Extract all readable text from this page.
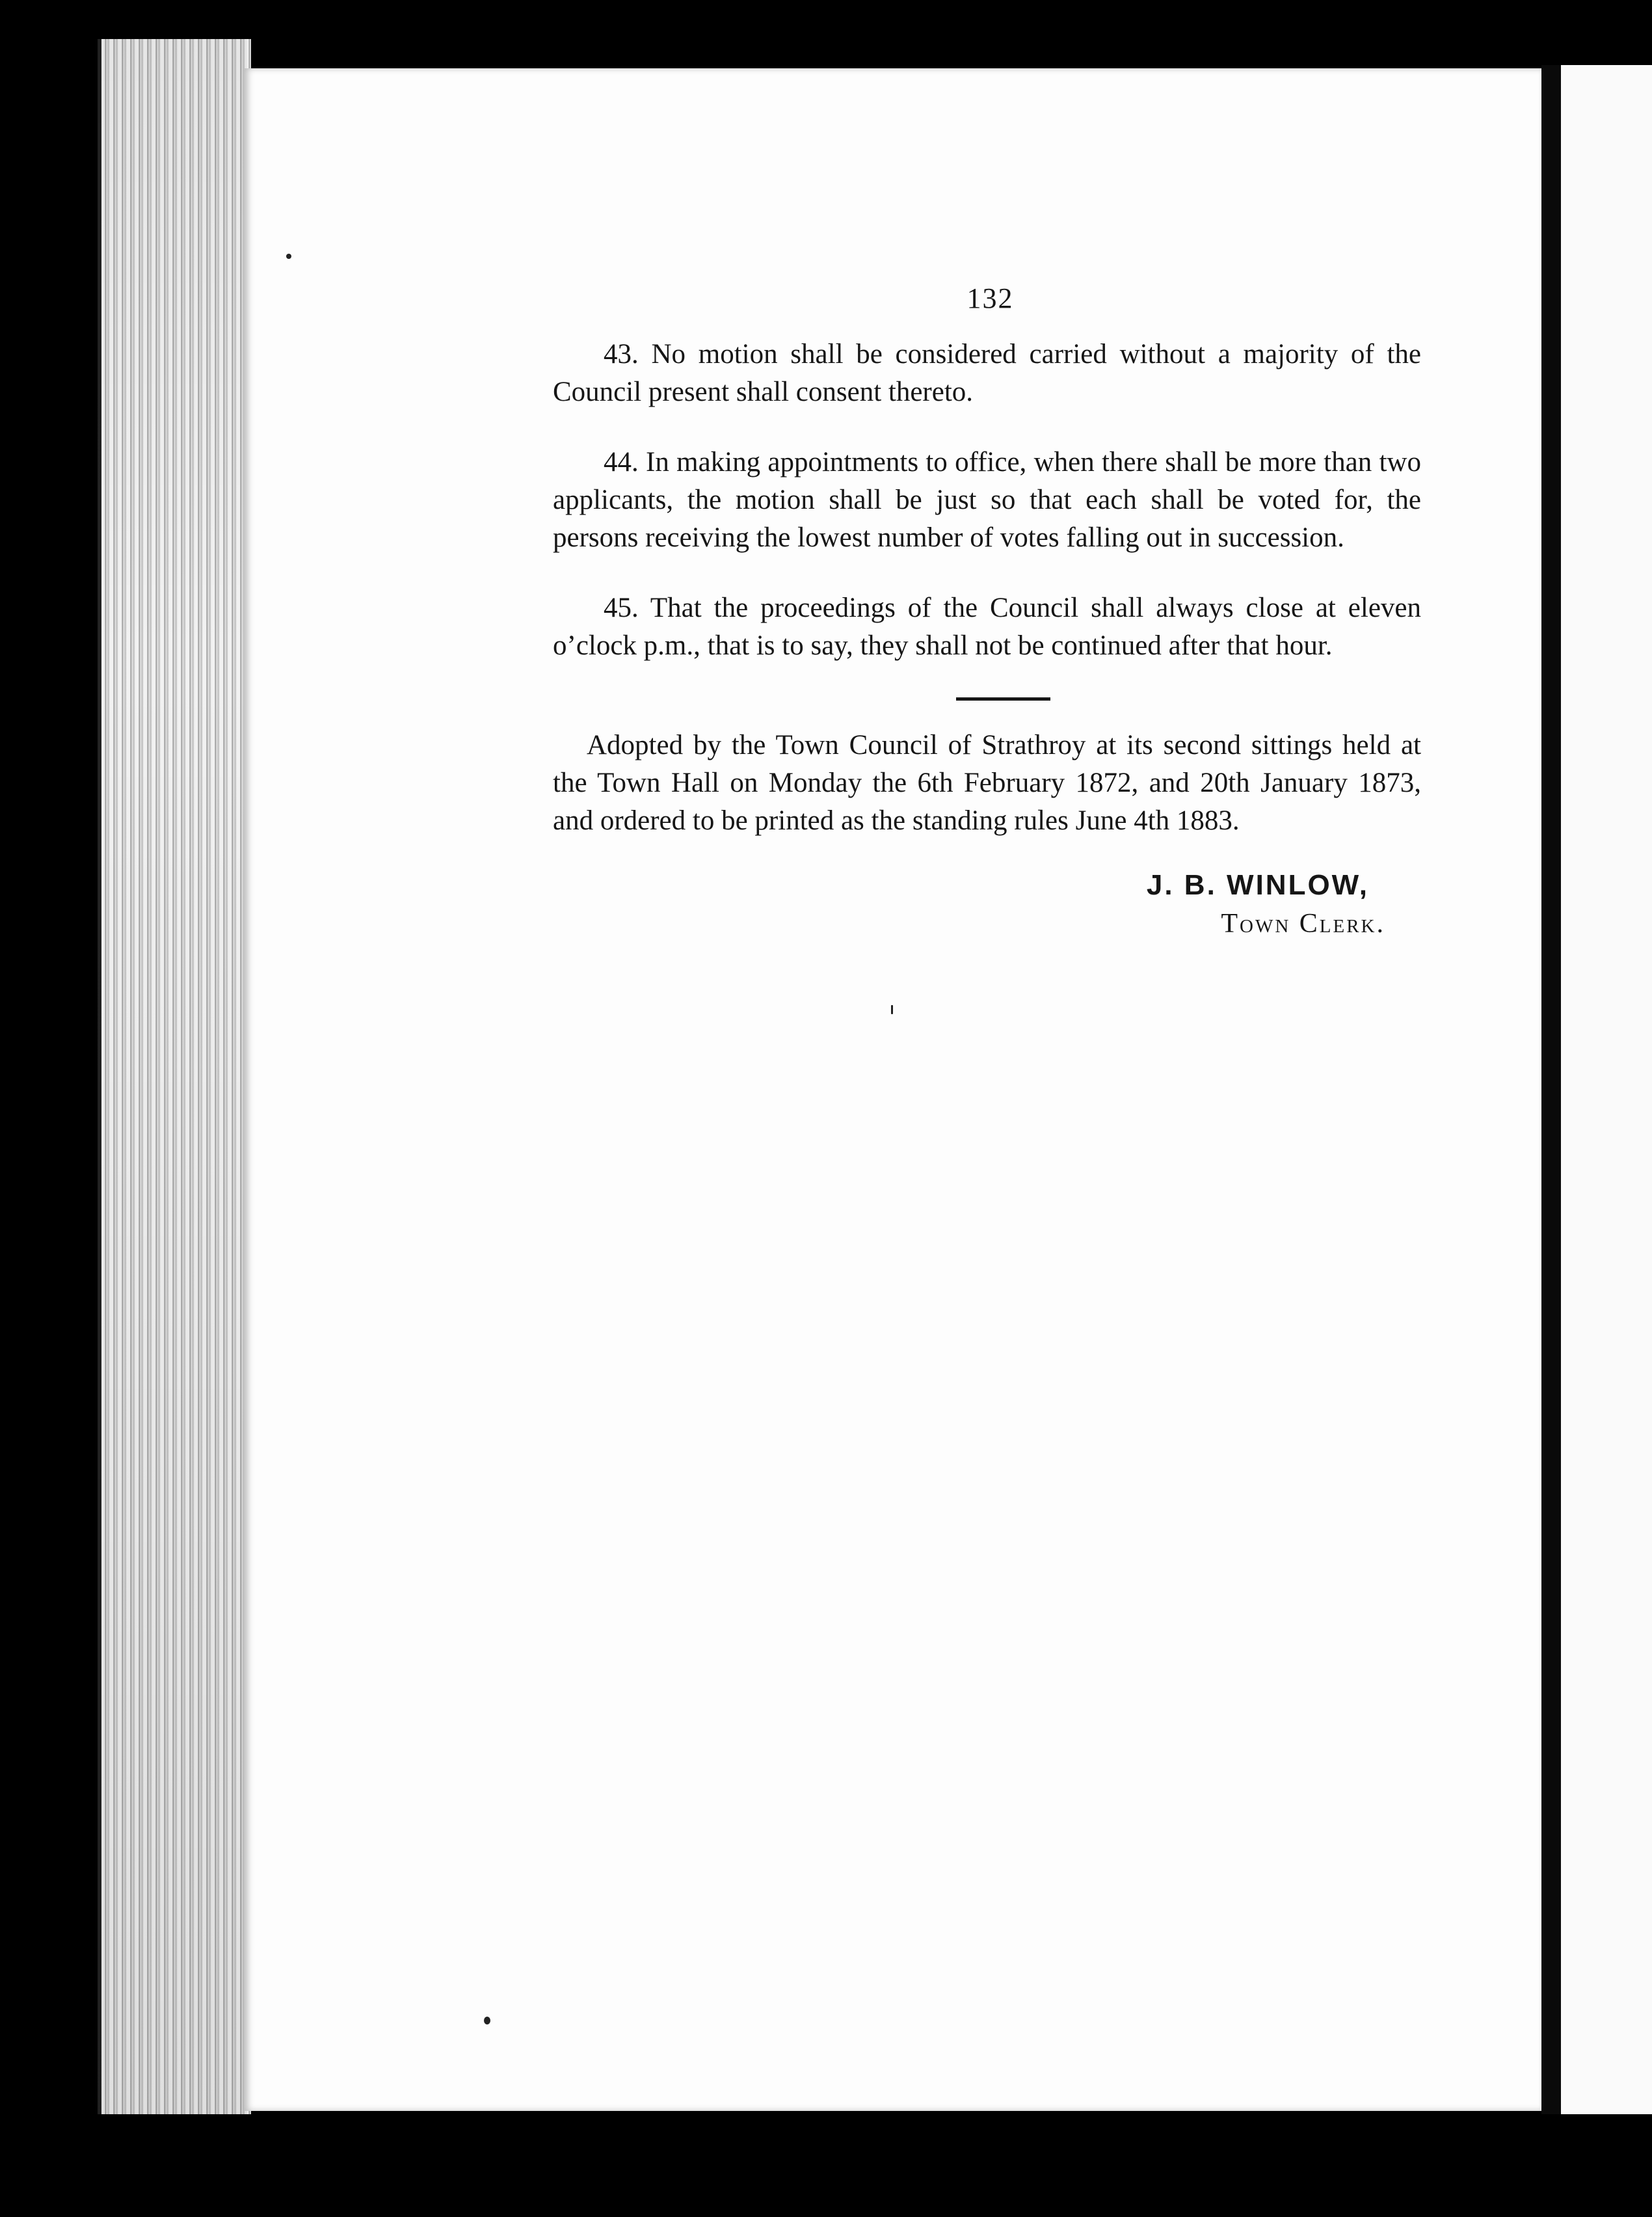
132

43. No motion shall be considered carried without a majority of the Council present shall consent thereto.

44. In making appointments to office, when there shall be more than two applicants, the motion shall be just so that each shall be voted for, the persons receiving the lowest number of votes falling out in succession.

45. That the proceedings of the Council shall always close at eleven o’clock p.m., that is to say, they shall not be continued after that hour.

Adopted by the Town Council of Strathroy at its second sittings held at the Town Hall on Monday the 6th February 1872, and 20th January 1873, and ordered to be printed as the standing rules June 4th 1883.

J. B. WINLOW,
Town Clerk.
